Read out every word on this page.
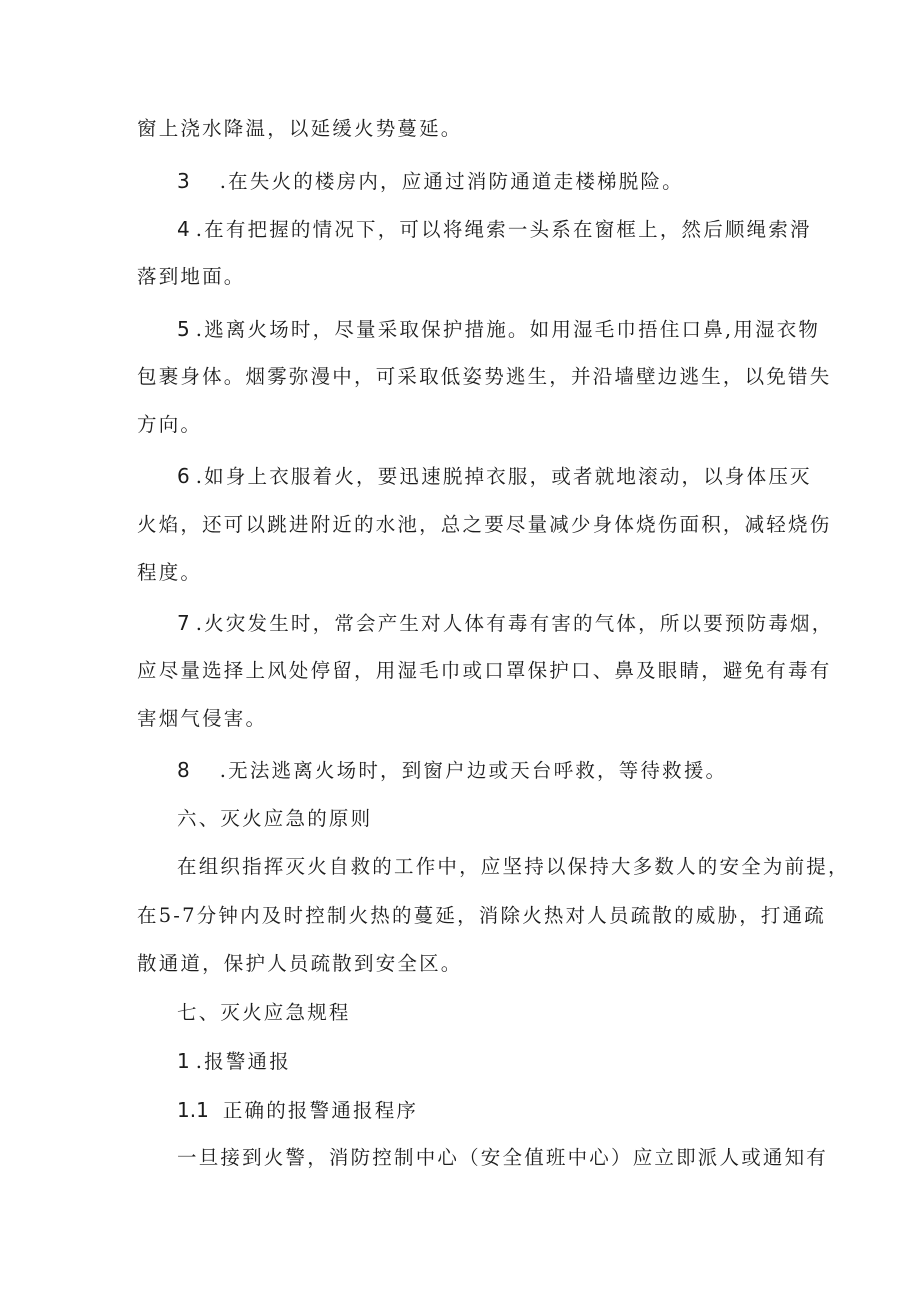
窗上浇水降温，以延缓火势蔓延。
3 .在失火的楼房内，应通过消防通道走楼梯脱险。
4 .在有把握的情况下，可以将绳索一头系在窗框上，然后顺绳索滑
落到地面。
5 .逃离火场时，尽量采取保护措施。如用湿毛巾捂住口鼻,用湿衣物
包裹身体。烟雾弥漫中，可采取低姿势逃生，并沿墙壁边逃生，以免错失
方向。
6 .如身上衣服着火，要迅速脱掉衣服，或者就地滚动，以身体压灭
火焰，还可以跳进附近的水池，总之要尽量减少身体烧伤面积，减轻烧伤
程度。
7 .火灾发生时，常会产生对人体有毒有害的气体，所以要预防毒烟，
应尽量选择上风处停留，用湿毛巾或口罩保护口、鼻及眼睛，避免有毒有
害烟气侵害。
8 .无法逃离火场时，到窗户边或天台呼救，等待救援。
六、灭火应急的原则
在组织指挥灭火自救的工作中，应坚持以保持大多数人的安全为前提，
在5-7分钟内及时控制火热的蔓延，消除火热对人员疏散的威胁，打通疏
散通道，保护人员疏散到安全区。
七、灭火应急规程
1 .报警通报
1.1 正确的报警通报程序
一旦接到火警，消防控制中心（安全值班中心）应立即派人或通知有
